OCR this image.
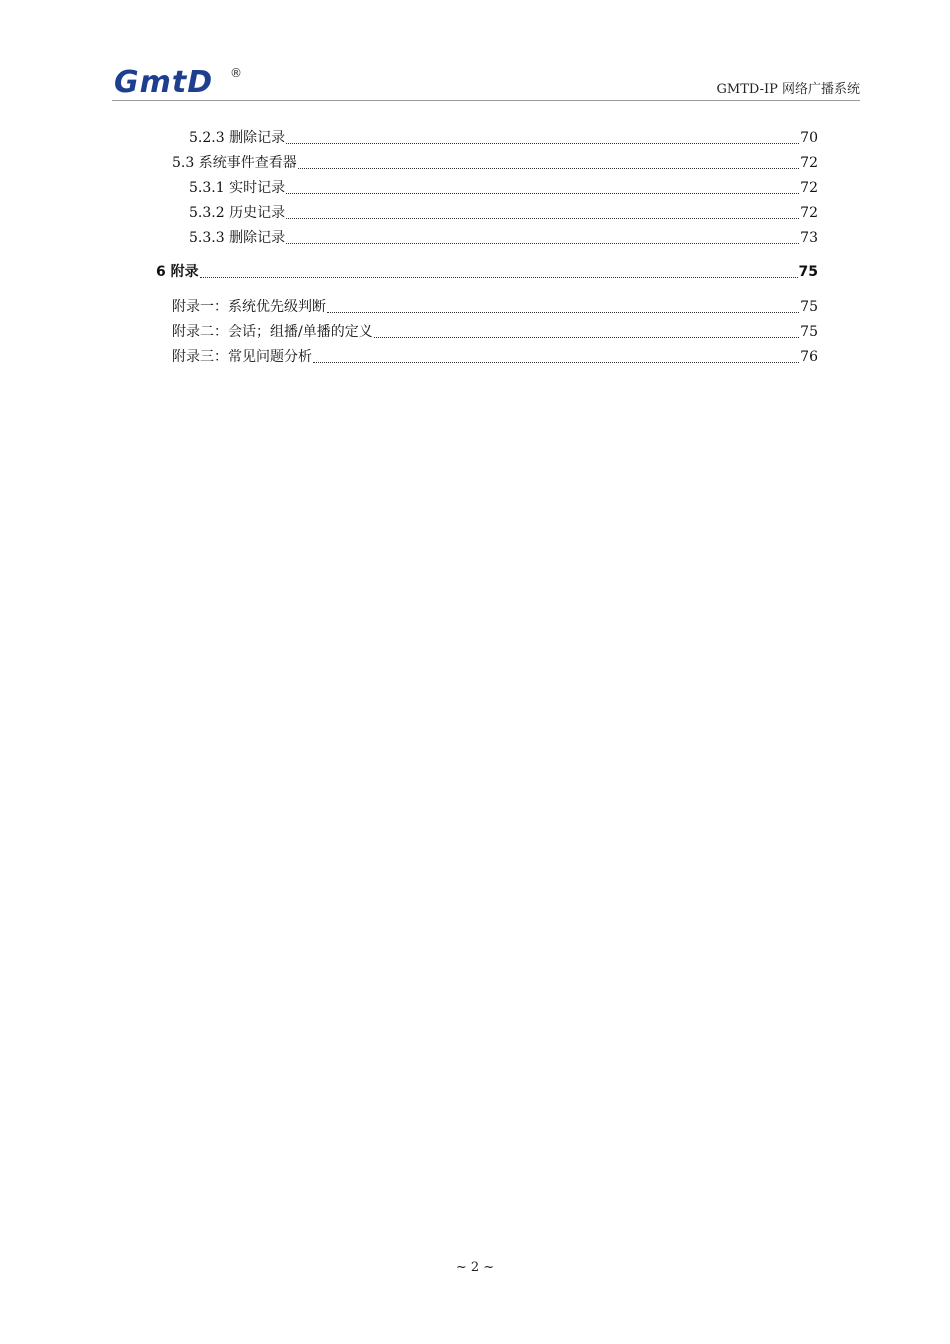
GmtD ®
GMTD-IP 网络广播系统
5.2.3 删除记录	70
5.3 系统事件查看器	72
5.3.1 实时记录	72
5.3.2 历史记录	72
5.3.3 删除记录	73
6 附录	75
附录一：系统优先级判断	75
附录二：会话；组播/单播的定义	75
附录三：常见问题分析	76
~ 2 ~
